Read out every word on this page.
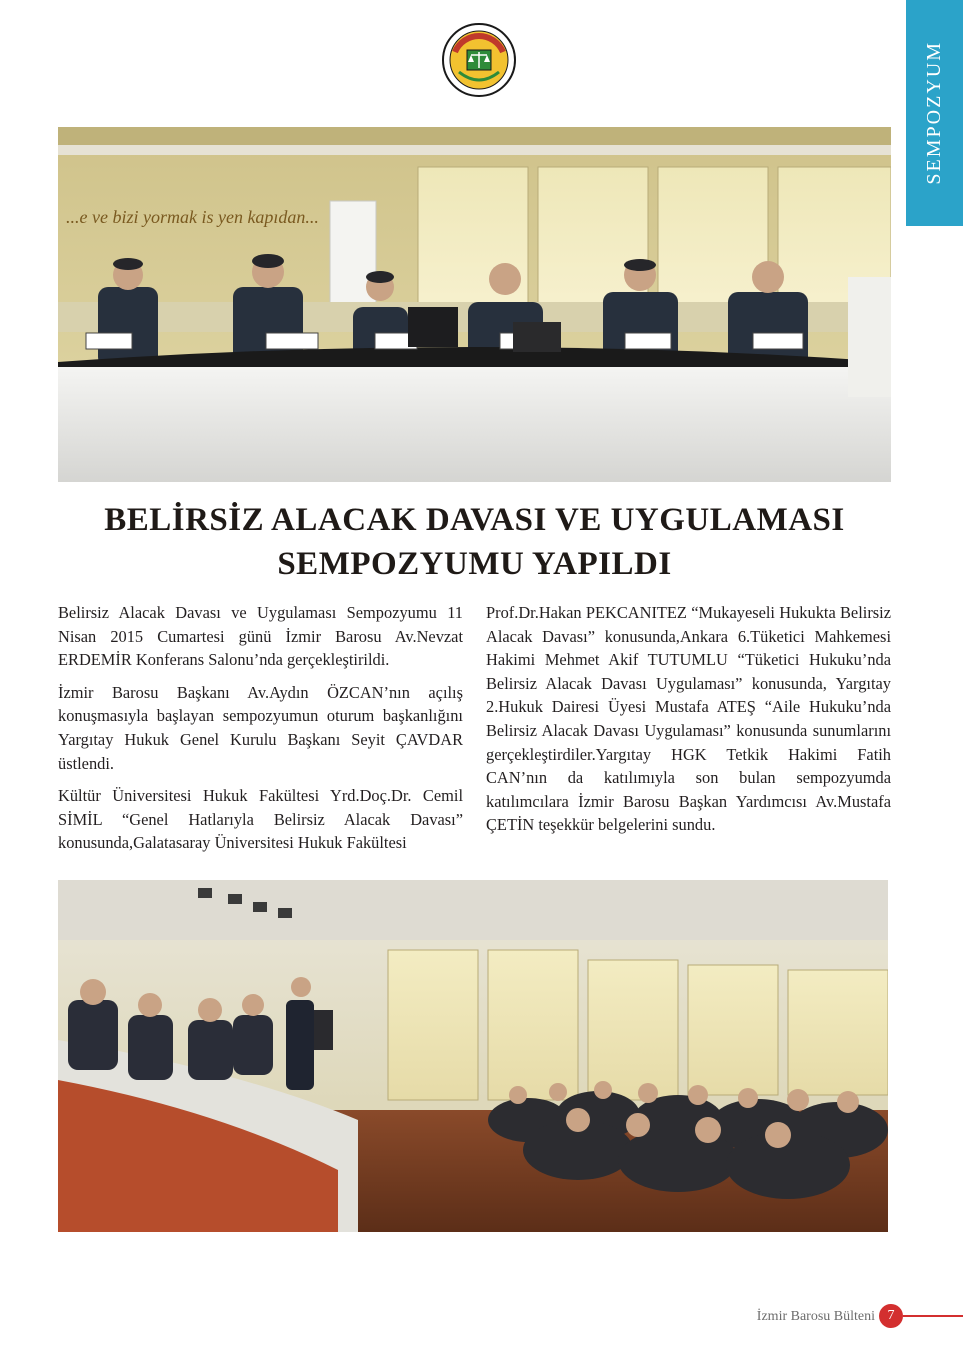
SEMPOZYUM
...e ve bizi yormak is yen kapıdan...
BELİRSİZ ALACAK DAVASI VE UYGULAMASI
SEMPOZYUMU YAPILDI

Belirsiz Alacak Davası ve Uygulaması Sempozyumu 11 Nisan 2015 Cumartesi günü İzmir Barosu Av.Nevzat ERDEMİR Konferans Salonu’nda gerçekleştirildi.

İzmir Barosu Başkanı Av.Aydın ÖZCAN’nın açılış konuşmasıyla başlayan sempozyumun oturum başkanlığını Yargıtay Hukuk Genel Kurulu Başkanı Seyit ÇAVDAR üstlendi.

Kültür Üniversitesi Hukuk Fakültesi Yrd.Doç.Dr. Cemil SİMİL “Genel Hatlarıyla Belirsiz Alacak Davası” konusunda,Galatasaray Üniversitesi Hukuk Fakültesi

Prof.Dr.Hakan PEKCANITEZ “Mukayeseli Hukukta Belirsiz Alacak Davası” konusunda,Ankara 6.Tüketici Mahkemesi Hakimi Mehmet Akif TUTUMLU “Tüketici Hukuku’nda Belirsiz Alacak Davası Uygulaması” konusunda, Yargıtay 2.Hukuk Dairesi Üyesi Mustafa ATEŞ “Aile Hukuku’nda Belirsiz Alacak Davası Uygulaması” konusunda sunumlarını gerçekleştirdiler.Yargıtay HGK Tetkik Hakimi Fatih CAN’nın da katılımıyla son bulan sempozyumda katılımcılara İzmir Barosu Başkan Yardımcısı Av.Mustafa ÇETİN teşekkür belgelerini sundu.

İzmir Barosu Bülteni 7
